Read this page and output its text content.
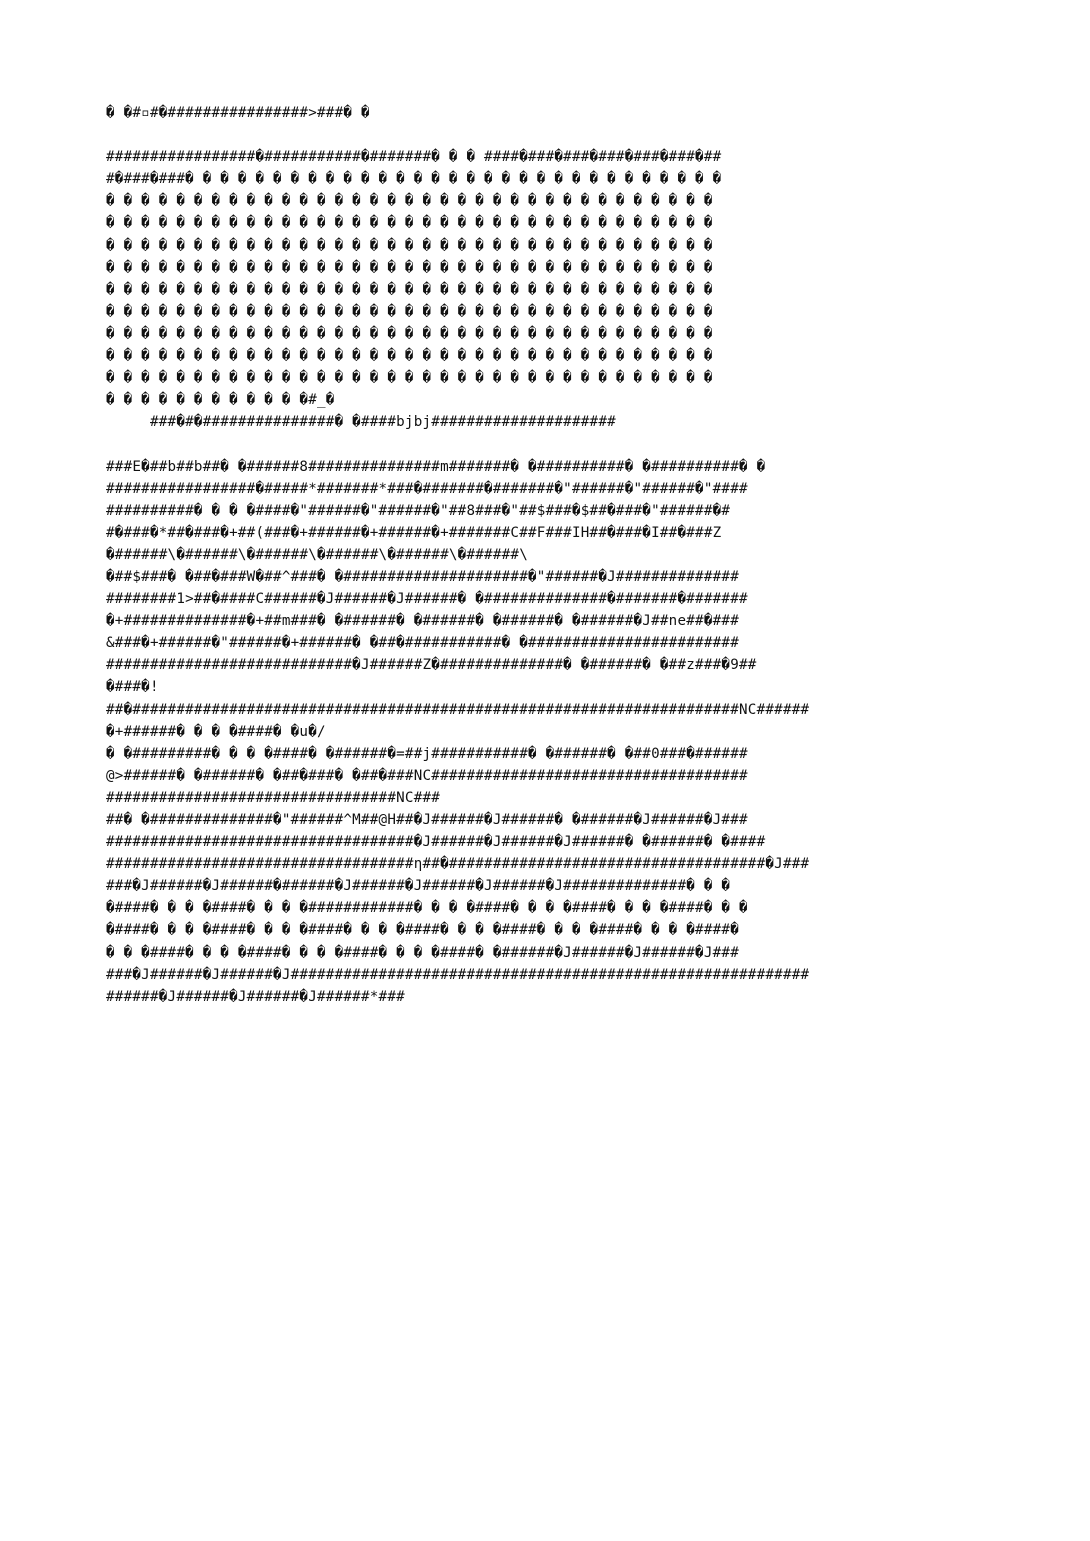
� �#▫#�################>###� �
#################�###########�#######� � � ####�###�###�###�###�###�##
#�###�###� � � � � � � � � � � � � � � � � � � � � � � � � � � � � � �
� � � � � � � � � � � � � � � � � � � � � � � � � � � � � � � � � � �
� � � � � � � � � � � � � � � � � � � � � � � � � � � � � � � � � � �
� � � � � � � � � � � � � � � � � � � � � � � � � � � � � � � � � � �
� � � � � � � � � � � � � � � � � � � � � � � � � � � � � � � � � � �
� � � � � � � � � � � � � � � � � � � � � � � � � � � � � � � � � � �
� � � � � � � � � � � � � � � � � � � � � � � � � � � � � � � � � � �
� � � � � � � � � � � � � � � � � � � � � � � � � � � � � � � � � � �
� � � � � � � � � � � � � � � � � � � � � � � � � � � � � � � � � � �
� � � � � � � � � � � � � � � � � � � � � � � � � � � � � � � � � � �
� � � � � � � � � � � �#_�
###�#�###############� �####bjbj#####################
###E�##b##b##� �######8###############m#######� �##########� �##########� �
#################�#####*#######*###�#######�#######�"######�"######�"####
##########� � � �####�"######�"######�"##8###�"##$###�$##�###�"######�#
#�###�*##�###�+##(###�+######�+######�+#######C##F###IH##�###�I##�###Z
�######\�######\�######\�######\�######\�######\
�##$###� �##�###W�##^###� �#####################�"######�J##############
########1>##�####C######�J######�J######� �##############�#######�#######
�+##############�+##m###� �######� �######� �######� �######�J##ne##�###
&###�+######�"######�+######� �##�###########� �########################
############################�J######Z�##############� �######� �##z###�9##
�###�!
##�#####################################################################NC######
�+######� � � �####� �u�/
� �#########� � � �####� �######�=##j###########� �######� �##0###�######
@>######� �######� �##�###� �##�###NC####################################
#################################NC###
##� �##############�"######^M##@H##�J######�J######� �######�J######�J###
###################################�J######�J######�J######� �######� �####
###################################η##�####################################�J###
###�J######�J######�######�J######�J######�J######�J##############� � �
�####� � � �####� � � �############� � � �####� � � �####� � � �####� � �
�####� � � �####� � � �####� � � �####� � � �####� � � �####� � � �####�
� � �####� � � �####� � � �####� � � �####� �######�J######�J######�J###
###�J######�J######�J###########################################################
######�J######�J######�J######*###
